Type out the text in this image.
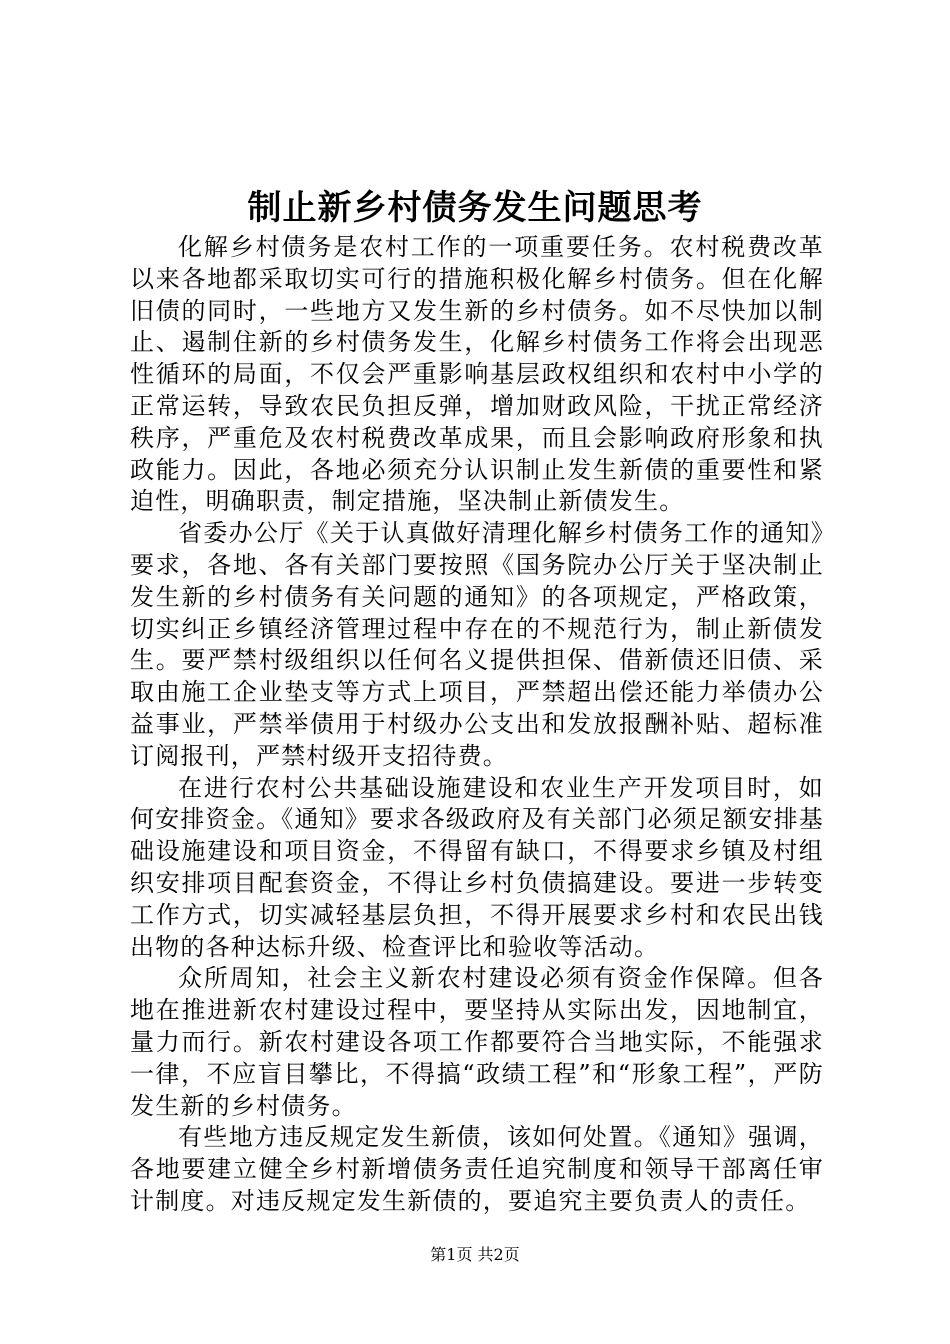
制止新乡村债务发生问题思考

化解乡村债务是农村工作的一项重要任务。农村税费改革以来各地都采取切实可行的措施积极化解乡村债务。但在化解旧债的同时，一些地方又发生新的乡村债务。如不尽快加以制止、遏制住新的乡村债务发生，化解乡村债务工作将会出现恶性循环的局面，不仅会严重影响基层政权组织和农村中小学的正常运转，导致农民负担反弹，增加财政风险，干扰正常经济秩序，严重危及农村税费改革成果，而且会影响政府形象和执政能力。因此，各地必须充分认识制止发生新债的重要性和紧迫性，明确职责，制定措施，坚决制止新债发生。

省委办公厅《关于认真做好清理化解乡村债务工作的通知》要求，各地、各有关部门要按照《国务院办公厅关于坚决制止发生新的乡村债务有关问题的通知》的各项规定，严格政策，切实纠正乡镇经济管理过程中存在的不规范行为，制止新债发生。要严禁村级组织以任何名义提供担保、借新债还旧债、采取由施工企业垫支等方式上项目，严禁超出偿还能力举债办公益事业，严禁举债用于村级办公支出和发放报酬补贴、超标准订阅报刊，严禁村级开支招待费。

在进行农村公共基础设施建设和农业生产开发项目时，如何安排资金。《通知》要求各级政府及有关部门必须足额安排基础设施建设和项目资金，不得留有缺口，不得要求乡镇及村组织安排项目配套资金，不得让乡村负债搞建设。要进一步转变工作方式，切实减轻基层负担，不得开展要求乡村和农民出钱出物的各种达标升级、检查评比和验收等活动。

众所周知，社会主义新农村建设必须有资金作保障。但各地在推进新农村建设过程中，要坚持从实际出发，因地制宜，量力而行。新农村建设各项工作都要符合当地实际，不能强求一律，不应盲目攀比，不得搞“政绩工程”和“形象工程”，严防发生新的乡村债务。

有些地方违反规定发生新债，该如何处置。《通知》强调，各地要建立健全乡村新增债务责任追究制度和领导干部离任审计制度。对违反规定发生新债的，要追究主要负责人的责任。

第1页 共2页
